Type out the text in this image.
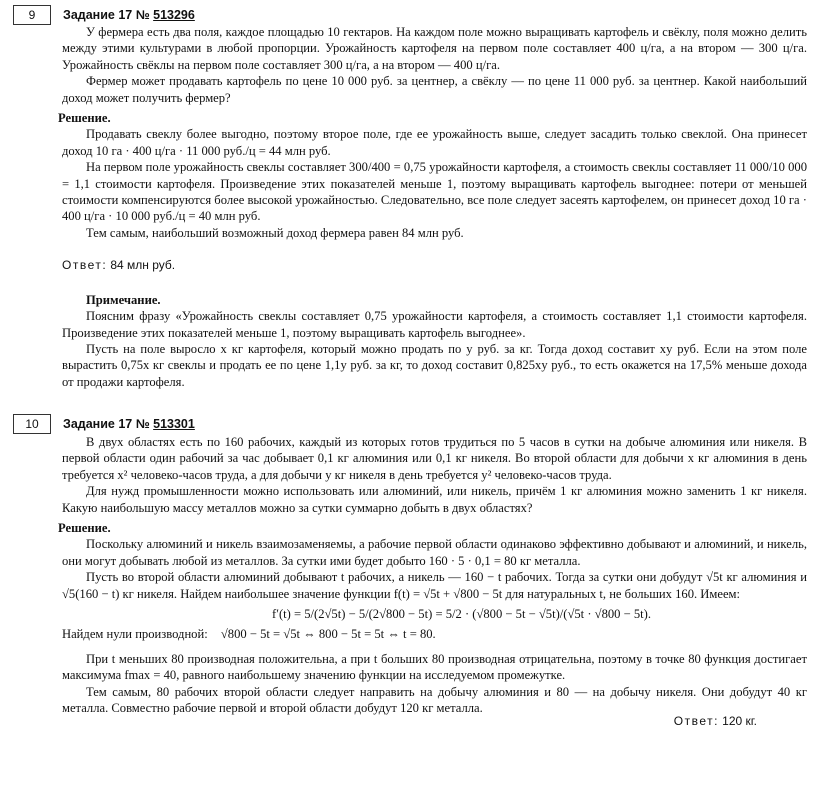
9	Задание 17 № 513296

У фермера есть два поля, каждое площадью 10 гектаров. На каждом поле можно выращивать картофель и свёклу, поля можно делить между этими культурами в любой пропорции. Урожайность картофеля на первом поле составляет 400 ц/га, а на втором — 300 ц/га. Урожайность свёклы на первом поле составляет 300 ц/га, а на втором — 400 ц/га.

Фермер может продавать картофель по цене 10 000 руб. за центнер, а свёклу — по цене 11 000 руб. за центнер. Какой наибольший доход может получить фермер?

Решение.

Продавать свеклу более выгодно, поэтому второе поле, где ее урожайность выше, следует засадить только свеклой. Она принесет доход 10 га · 400 ц/га · 11 000 руб./ц = 44 млн руб.

На первом поле урожайность свеклы составляет 300/400 = 0,75 урожайности картофеля, а стоимость свеклы составляет 11 000/10 000 = 1,1 стоимости картофеля. Произведение этих показателей меньше 1, поэтому выращивать картофель выгоднее: потери от меньшей стоимости компенсируются более высокой урожайностью. Следовательно, все поле следует засеять картофелем, он принесет доход 10 га · 400 ц/га · 10 000 руб./ц = 40 млн руб.

Тем самым, наибольший возможный доход фермера равен 84 млн руб.

Ответ: 84 млн руб.

Примечание.

Поясним фразу «Урожайность свеклы составляет 0,75 урожайности картофеля, а стоимость составляет 1,1 стоимости картофеля. Произведение этих показателей меньше 1, поэтому выращивать картофель выгоднее».

Пусть на поле выросло x кг картофеля, который можно продать по y руб. за кг. Тогда доход составит xy руб. Если на этом поле вырастить 0,75x кг свеклы и продать ее по цене 1,1y руб. за кг, то доход составит 0,825xy руб., то есть окажется на 17,5% меньше дохода от продажи картофеля.

10	Задание 17 № 513301

В двух областях есть по 160 рабочих, каждый из которых готов трудиться по 5 часов в сутки на добыче алюминия или никеля. В первой области один рабочий за час добывает 0,1 кг алюминия или 0,1 кг никеля. Во второй области для добычи x кг алюминия в день требуется x² человеко-часов труда, а для добычи y кг никеля в день требуется y² человеко-часов труда.

Для нужд промышленности можно использовать или алюминий, или никель, причём 1 кг алюминия можно заменить 1 кг никеля. Какую наибольшую массу металлов можно за сутки суммарно добыть в двух областях?

Решение.

Поскольку алюминий и никель взаимозаменяемы, а рабочие первой области одинаково эффективно добывают и алюминий, и никель, они могут добывать любой из металлов. За сутки ими будет добыто 160 · 5 · 0,1 = 80 кг металла.

Пусть во второй области алюминий добывают t рабочих, а никель — 160 − t рабочих. Тогда за сутки они добудут √5t кг алюминия и √5(160 − t) кг никеля. Найдем наибольшее значение функции f(t) = √5t + √800 − 5t для натуральных t, не больших 160. Имеем:

f′(t) = 5/(2√5t) − 5/(2√800 − 5t) = 5/2 · (√800 − 5t − √5t)/(√5t · √800 − 5t).

Найдем нули производной: √800 − 5t = √5t ⇔ 800 − 5t = 5t ⇔ t = 80.

При t меньших 80 производная положительна, а при t больших 80 производная отрицательна, поэтому в точке 80 функция достигает максимума fmax = 40, равного наибольшему значению функции на исследуемом промежутке.

Тем самым, 80 рабочих второй области следует направить на добычу алюминия и 80 — на добычу никеля. Они добудут 40 кг металла. Совместно рабочие первой и второй области добудут 120 кг металла.

Ответ: 120 кг.
